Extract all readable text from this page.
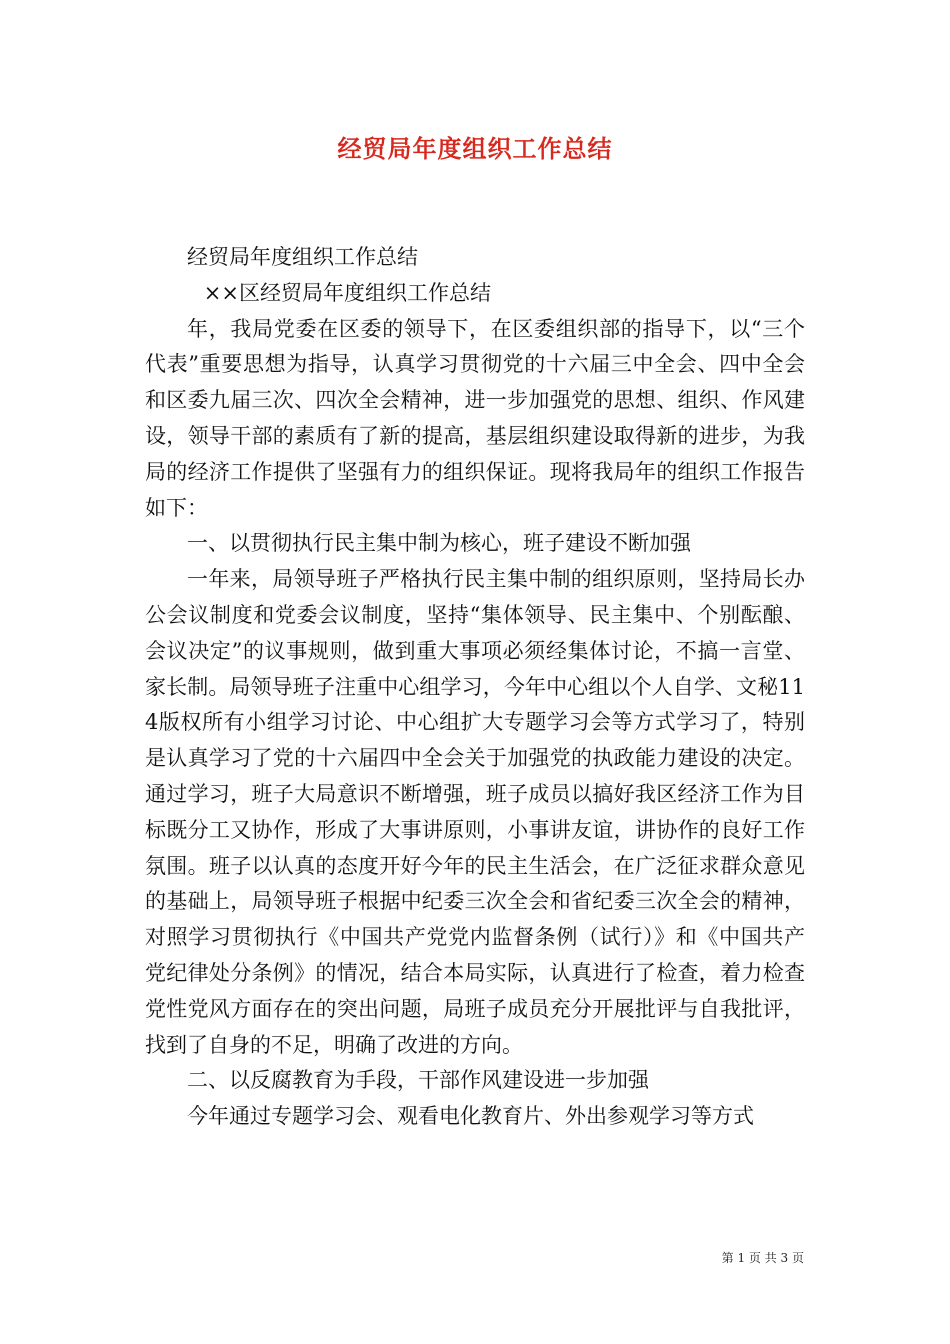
经贸局年度组织工作总结

经贸局年度组织工作总结

××区经贸局年度组织工作总结

年，我局党委在区委的领导下，在区委组织部的指导下，以“三个代表”重要思想为指导，认真学习贯彻党的十六届三中全会、四中全会和区委九届三次、四次全会精神，进一步加强党的思想、组织、作风建设，领导干部的素质有了新的提高，基层组织建设取得新的进步，为我局的经济工作提供了坚强有力的组织保证。现将我局年的组织工作报告如下：

一、以贯彻执行民主集中制为核心，班子建设不断加强

一年来，局领导班子严格执行民主集中制的组织原则，坚持局长办公会议制度和党委会议制度，坚持“集体领导、民主集中、个别酝酿、会议决定”的议事规则，做到重大事项必须经集体讨论，不搞一言堂、家长制。局领导班子注重中心组学习，今年中心组以个人自学、文秘114版权所有小组学习讨论、中心组扩大专题学习会等方式学习了，特别是认真学习了党的十六届四中全会关于加强党的执政能力建设的决定。通过学习，班子大局意识不断增强，班子成员以搞好我区经济工作为目标既分工又协作，形成了大事讲原则，小事讲友谊，讲协作的良好工作氛围。班子以认真的态度开好今年的民主生活会，在广泛征求群众意见的基础上，局领导班子根据中纪委三次全会和省纪委三次全会的精神，对照学习贯彻执行《中国共产党党内监督条例（试行）》和《中国共产党纪律处分条例》的情况，结合本局实际，认真进行了检查，着力检查党性党风方面存在的突出问题，局班子成员充分开展批评与自我批评，找到了自身的不足，明确了改进的方向。

二、以反腐教育为手段，干部作风建设进一步加强

今年通过专题学习会、观看电化教育片、外出参观学习等方式

第 1 页 共 3 页
